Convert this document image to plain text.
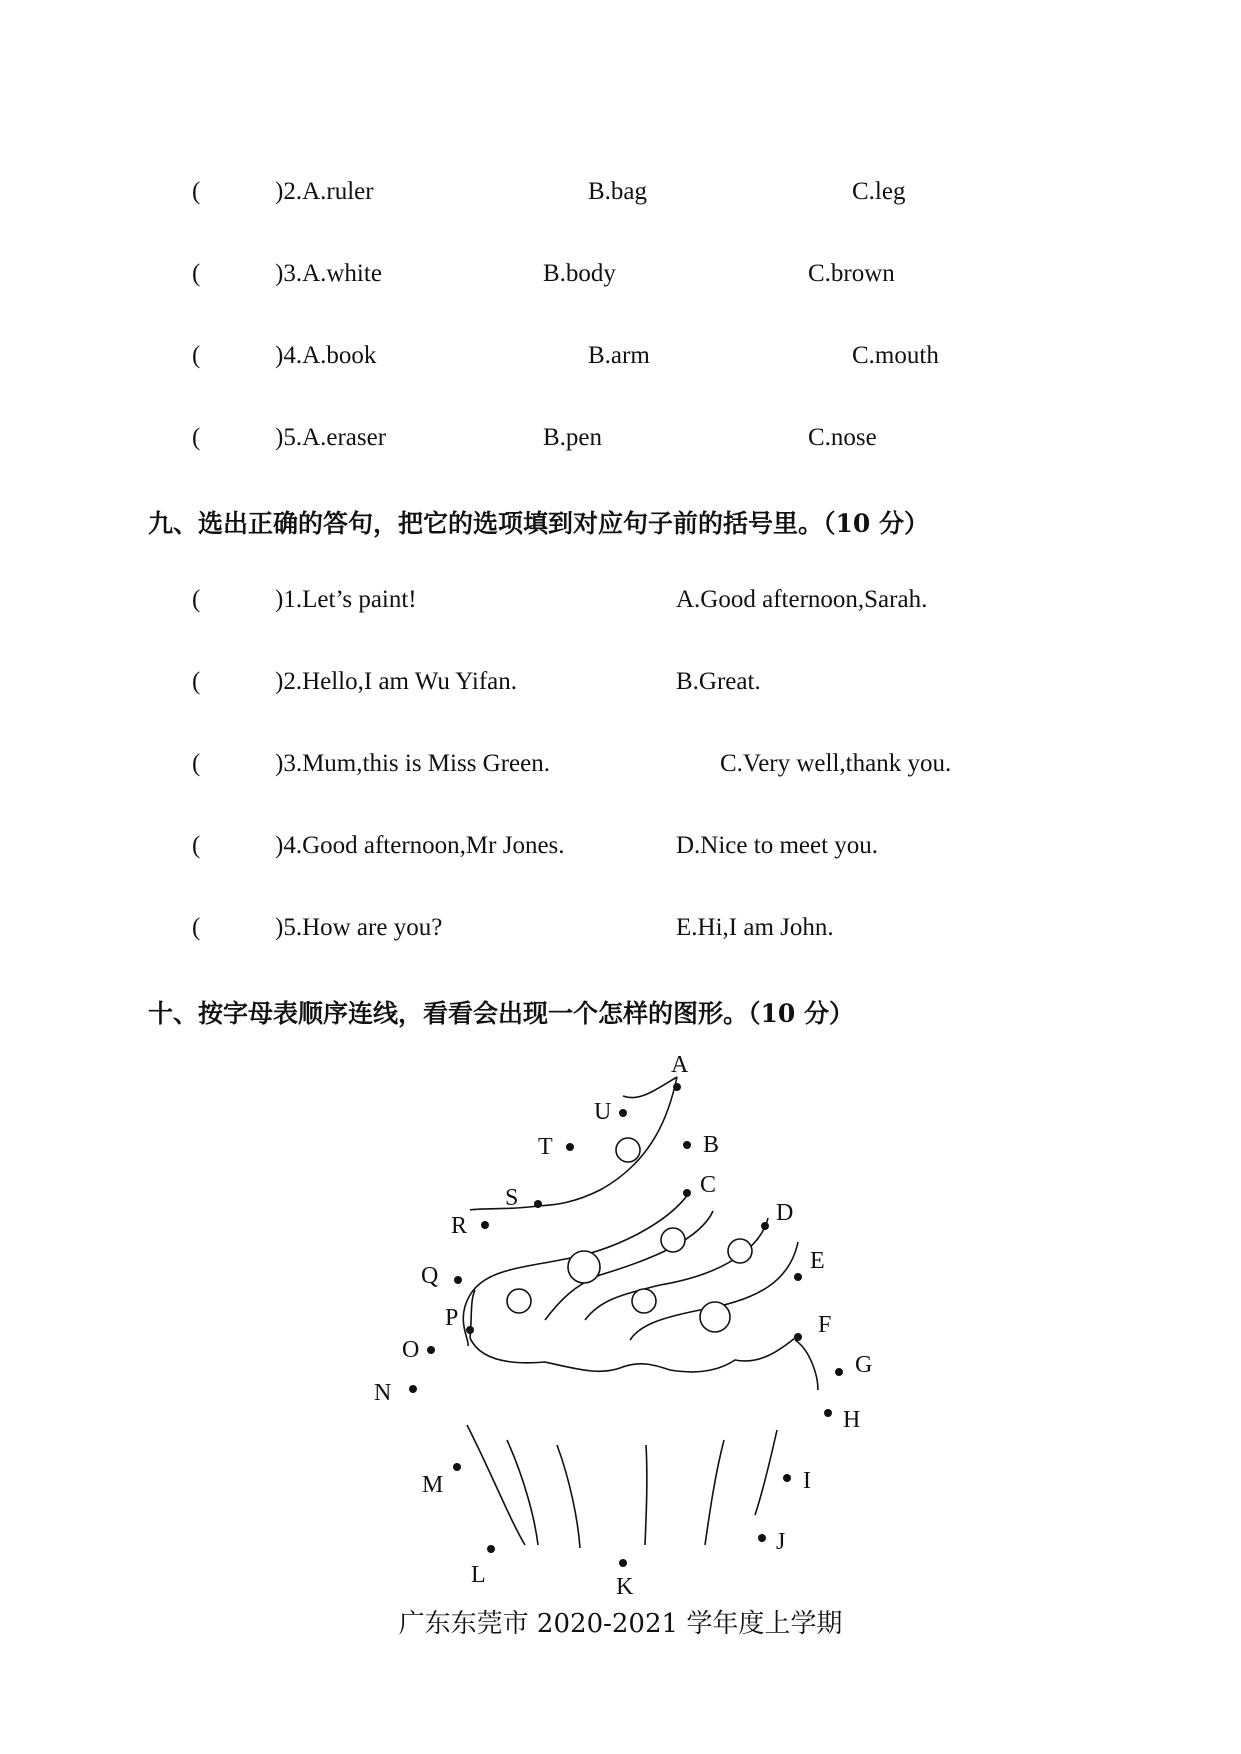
(	)2.A.ruler	B.bag	C.leg
(	)3.A.white	B.body	C.brown
(	)4.A.book	B.arm	C.mouth
(	)5.A.eraser	B.pen	C.nose
九、选出正确的答句，把它的选项填到对应句子前的括号里。（10 分）
(	)1.Let’s paint!	A.Good afternoon,Sarah.
(	)2.Hello,I am Wu Yifan.	B.Great.
(	)3.Mum,this is Miss Green.	C.Very well,thank you.
(	)4.Good afternoon,Mr Jones.	D.Nice to meet you.
(	)5.How are you?	E.Hi,I am John.
十、按字母表顺序连线，看看会出现一个怎样的图形。（10 分）
A
B
C
D
E
F
G
H
I
J
K
L
M
N
O
P
Q
R
S
T
U
广东东莞市 2020-2021 学年度上学期
